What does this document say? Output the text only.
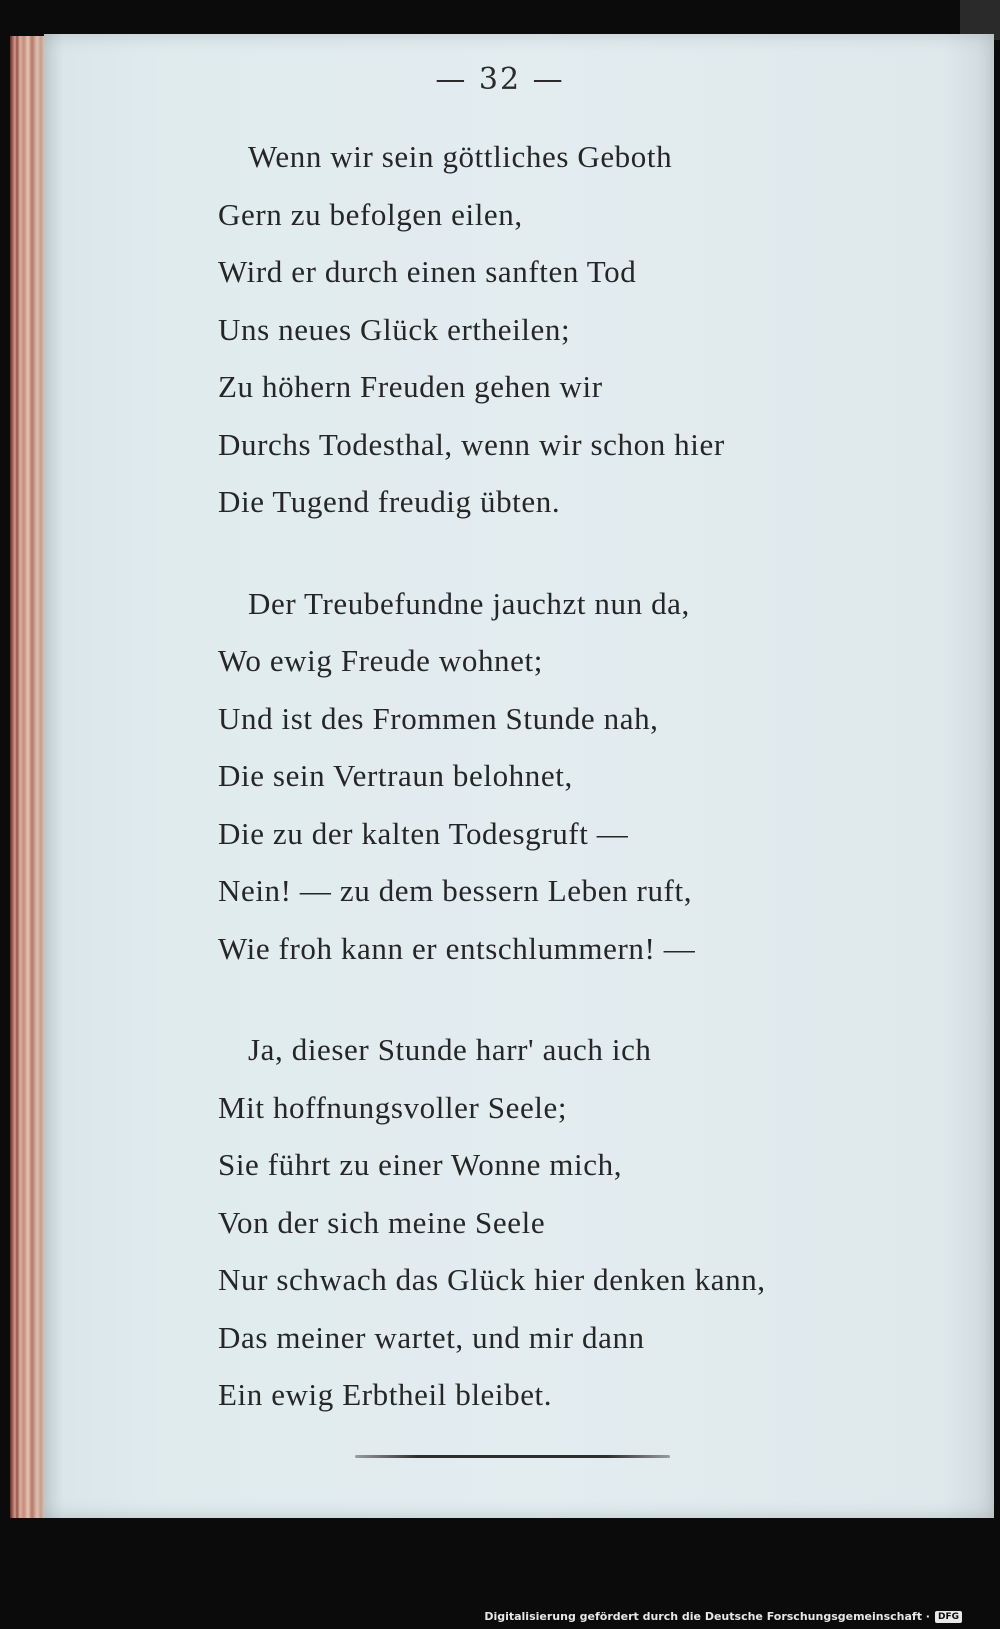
— 32 —
Wenn wir sein göttliches Geboth
Gern zu befolgen eilen,
Wird er durch einen sanften Tod
Uns neues Glück ertheilen;
Zu höhern Freuden gehen wir
Durchs Todesthal, wenn wir schon hier
Die Tugend freudig übten.
Der Treubefundne jauchzt nun da,
Wo ewig Freude wohnet;
Und ist des Frommen Stunde nah,
Die sein Vertraun belohnet,
Die zu der kalten Todesgruft —
Nein! — zu dem bessern Leben ruft,
Wie froh kann er entschlummern! —
Ja, dieser Stunde harr' auch ich
Mit hoffnungsvoller Seele;
Sie führt zu einer Wonne mich,
Von der sich meine Seele
Nur schwach das Glück hier denken kann,
Das meiner wartet, und mir dann
Ein ewig Erbtheil bleibet.
Digitalisierung gefördert durch die Deutsche Forschungsgemeinschaft · DFG
